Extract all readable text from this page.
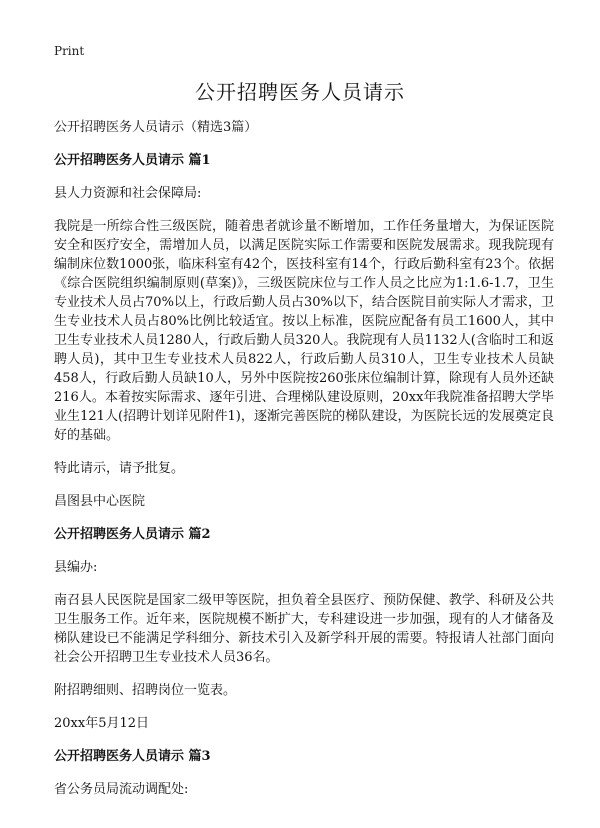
Print
公开招聘医务人员请示

公开招聘医务人员请示（精选3篇）

公开招聘医务人员请示 篇1

县人力资源和社会保障局:

我院是一所综合性三级医院，随着患者就诊量不断增加，工作任务量增大，为保证医院安全和医疗安全，需增加人员，以满足医院实际工作需要和医院发展需求。现我院现有编制床位数1000张，临床科室有42个，医技科室有14个，行政后勤科室有23个。依据《综合医院组织编制原则(草案)》，三级医院床位与工作人员之比应为1:1.6-1.7，卫生专业技术人员占70%以上，行政后勤人员占30%以下，结合医院目前实际人才需求，卫生专业技术人员占80%比例比较适宜。按以上标准，医院应配备有员工1600人，其中卫生专业技术人员1280人，行政后勤人员320人。我院现有人员1132人(含临时工和返聘人员)，其中卫生专业技术人员822人，行政后勤人员310人，卫生专业技术人员缺458人，行政后勤人员缺10人，另外中医院按260张床位编制计算，除现有人员外还缺216人。本着按实际需求、逐年引进、合理梯队建设原则，20xx年我院准备招聘大学毕业生121人(招聘计划详见附件1)，逐渐完善医院的梯队建设，为医院长远的发展奠定良好的基础。

特此请示，请予批复。

昌图县中心医院

公开招聘医务人员请示 篇2

县编办:

南召县人民医院是国家二级甲等医院，担负着全县医疗、预防保健、教学、科研及公共卫生服务工作。近年来，医院规模不断扩大，专科建设进一步加强，现有的人才储备及梯队建设已不能满足学科细分、新技术引入及新学科开展的需要。特报请人社部门面向社会公开招聘卫生专业技术人员36名。

附招聘细则、招聘岗位一览表。

20xx年5月12日

公开招聘医务人员请示 篇3

省公务员局流动调配处:
